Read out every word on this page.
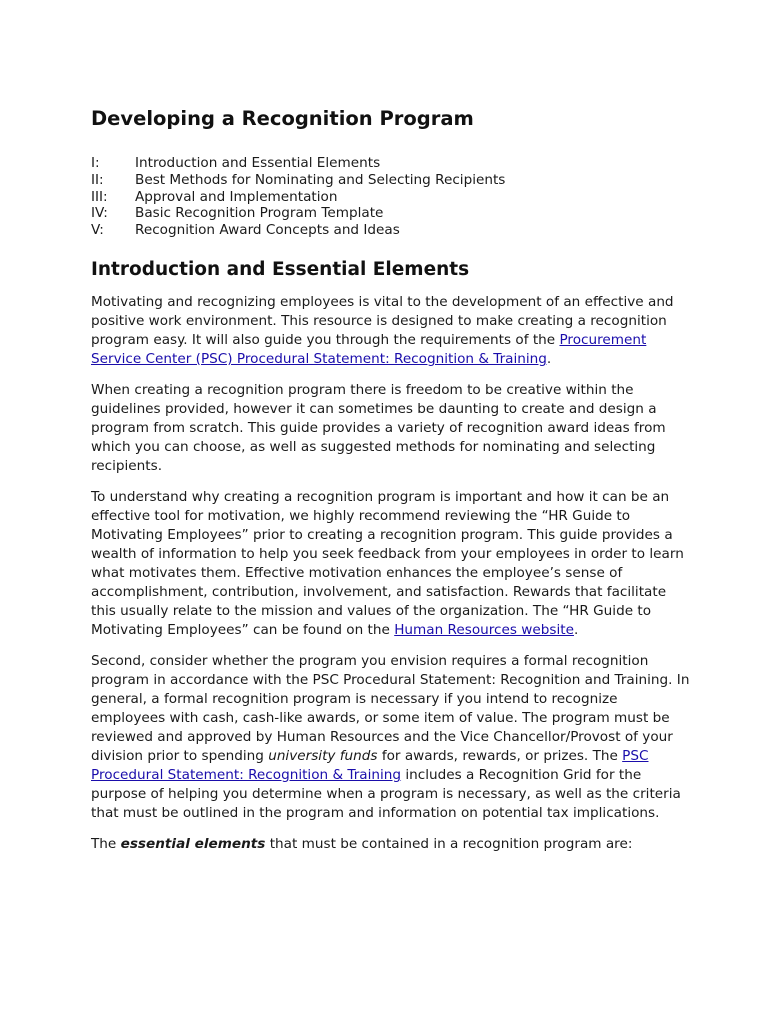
Developing a Recognition Program
I:	Introduction and Essential Elements
II:	Best Methods for Nominating and Selecting Recipients
III:	Approval and Implementation
IV:	Basic Recognition Program Template
V:	Recognition Award Concepts and Ideas
Introduction and Essential Elements

Motivating and recognizing employees is vital to the development of an effective and positive work environment. This resource is designed to make creating a recognition program easy. It will also guide you through the requirements of the Procurement Service Center (PSC) Procedural Statement: Recognition & Training.

When creating a recognition program there is freedom to be creative within the guidelines provided, however it can sometimes be daunting to create and design a program from scratch. This guide provides a variety of recognition award ideas from which you can choose, as well as suggested methods for nominating and selecting recipients.

To understand why creating a recognition program is important and how it can be an effective tool for motivation, we highly recommend reviewing the “HR Guide to Motivating Employees” prior to creating a recognition program. This guide provides a wealth of information to help you seek feedback from your employees in order to learn what motivates them. Effective motivation enhances the employee’s sense of accomplishment, contribution, involvement, and satisfaction. Rewards that facilitate this usually relate to the mission and values of the organization. The “HR Guide to Motivating Employees” can be found on the Human Resources website.

Second, consider whether the program you envision requires a formal recognition program in accordance with the PSC Procedural Statement: Recognition and Training. In general, a formal recognition program is necessary if you intend to recognize employees with cash, cash-like awards, or some item of value. The program must be reviewed and approved by Human Resources and the Vice Chancellor/Provost of your division prior to spending university funds for awards, rewards, or prizes. The PSC Procedural Statement: Recognition & Training includes a Recognition Grid for the purpose of helping you determine when a program is necessary, as well as the criteria that must be outlined in the program and information on potential tax implications.

The essential elements that must be contained in a recognition program are:
